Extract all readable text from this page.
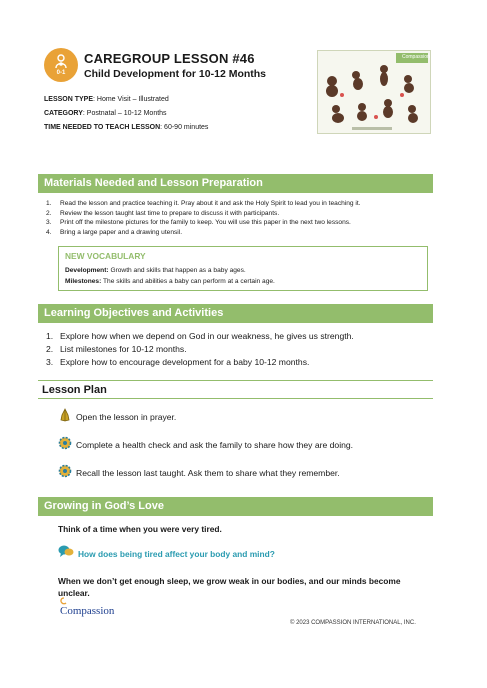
0-1
CAREGROUP LESSON #46
Child Development for 10-12 Months
Compassion
LESSON TYPE: Home Visit – Illustrated
CATEGORY: Postnatal – 10-12 Months
TIME NEEDED TO TEACH LESSON: 60-90 minutes
Materials Needed and Lesson Preparation
1. Read the lesson and practice teaching it. Pray about it and ask the Holy Spirit to lead you in teaching it.
2. Review the lesson taught last time to prepare to discuss it with participants.
3. Print off the milestone pictures for the family to keep. You will use this paper in the next two lessons.
4. Bring a large paper and a drawing utensil.
NEW VOCABULARY
Development: Growth and skills that happen as a baby ages.
Milestones: The skills and abilities a baby can perform at a certain age.
Learning Objectives and Activities
1. Explore how when we depend on God in our weakness, he gives us strength.
2. List milestones for 10-12 months.
3. Explore how to encourage development for a baby 10-12 months.
Lesson Plan
Open the lesson in prayer.
Complete a health check and ask the family to share how they are doing.
Recall the lesson last taught. Ask them to share what they remember.
Growing in God’s Love
Think of a time when you were very tired.
How does being tired affect your body and mind?
When we don’t get enough sleep, we grow weak in our bodies, and our minds become unclear.
Compassion
© 2023 COMPASSION INTERNATIONAL, INC.
